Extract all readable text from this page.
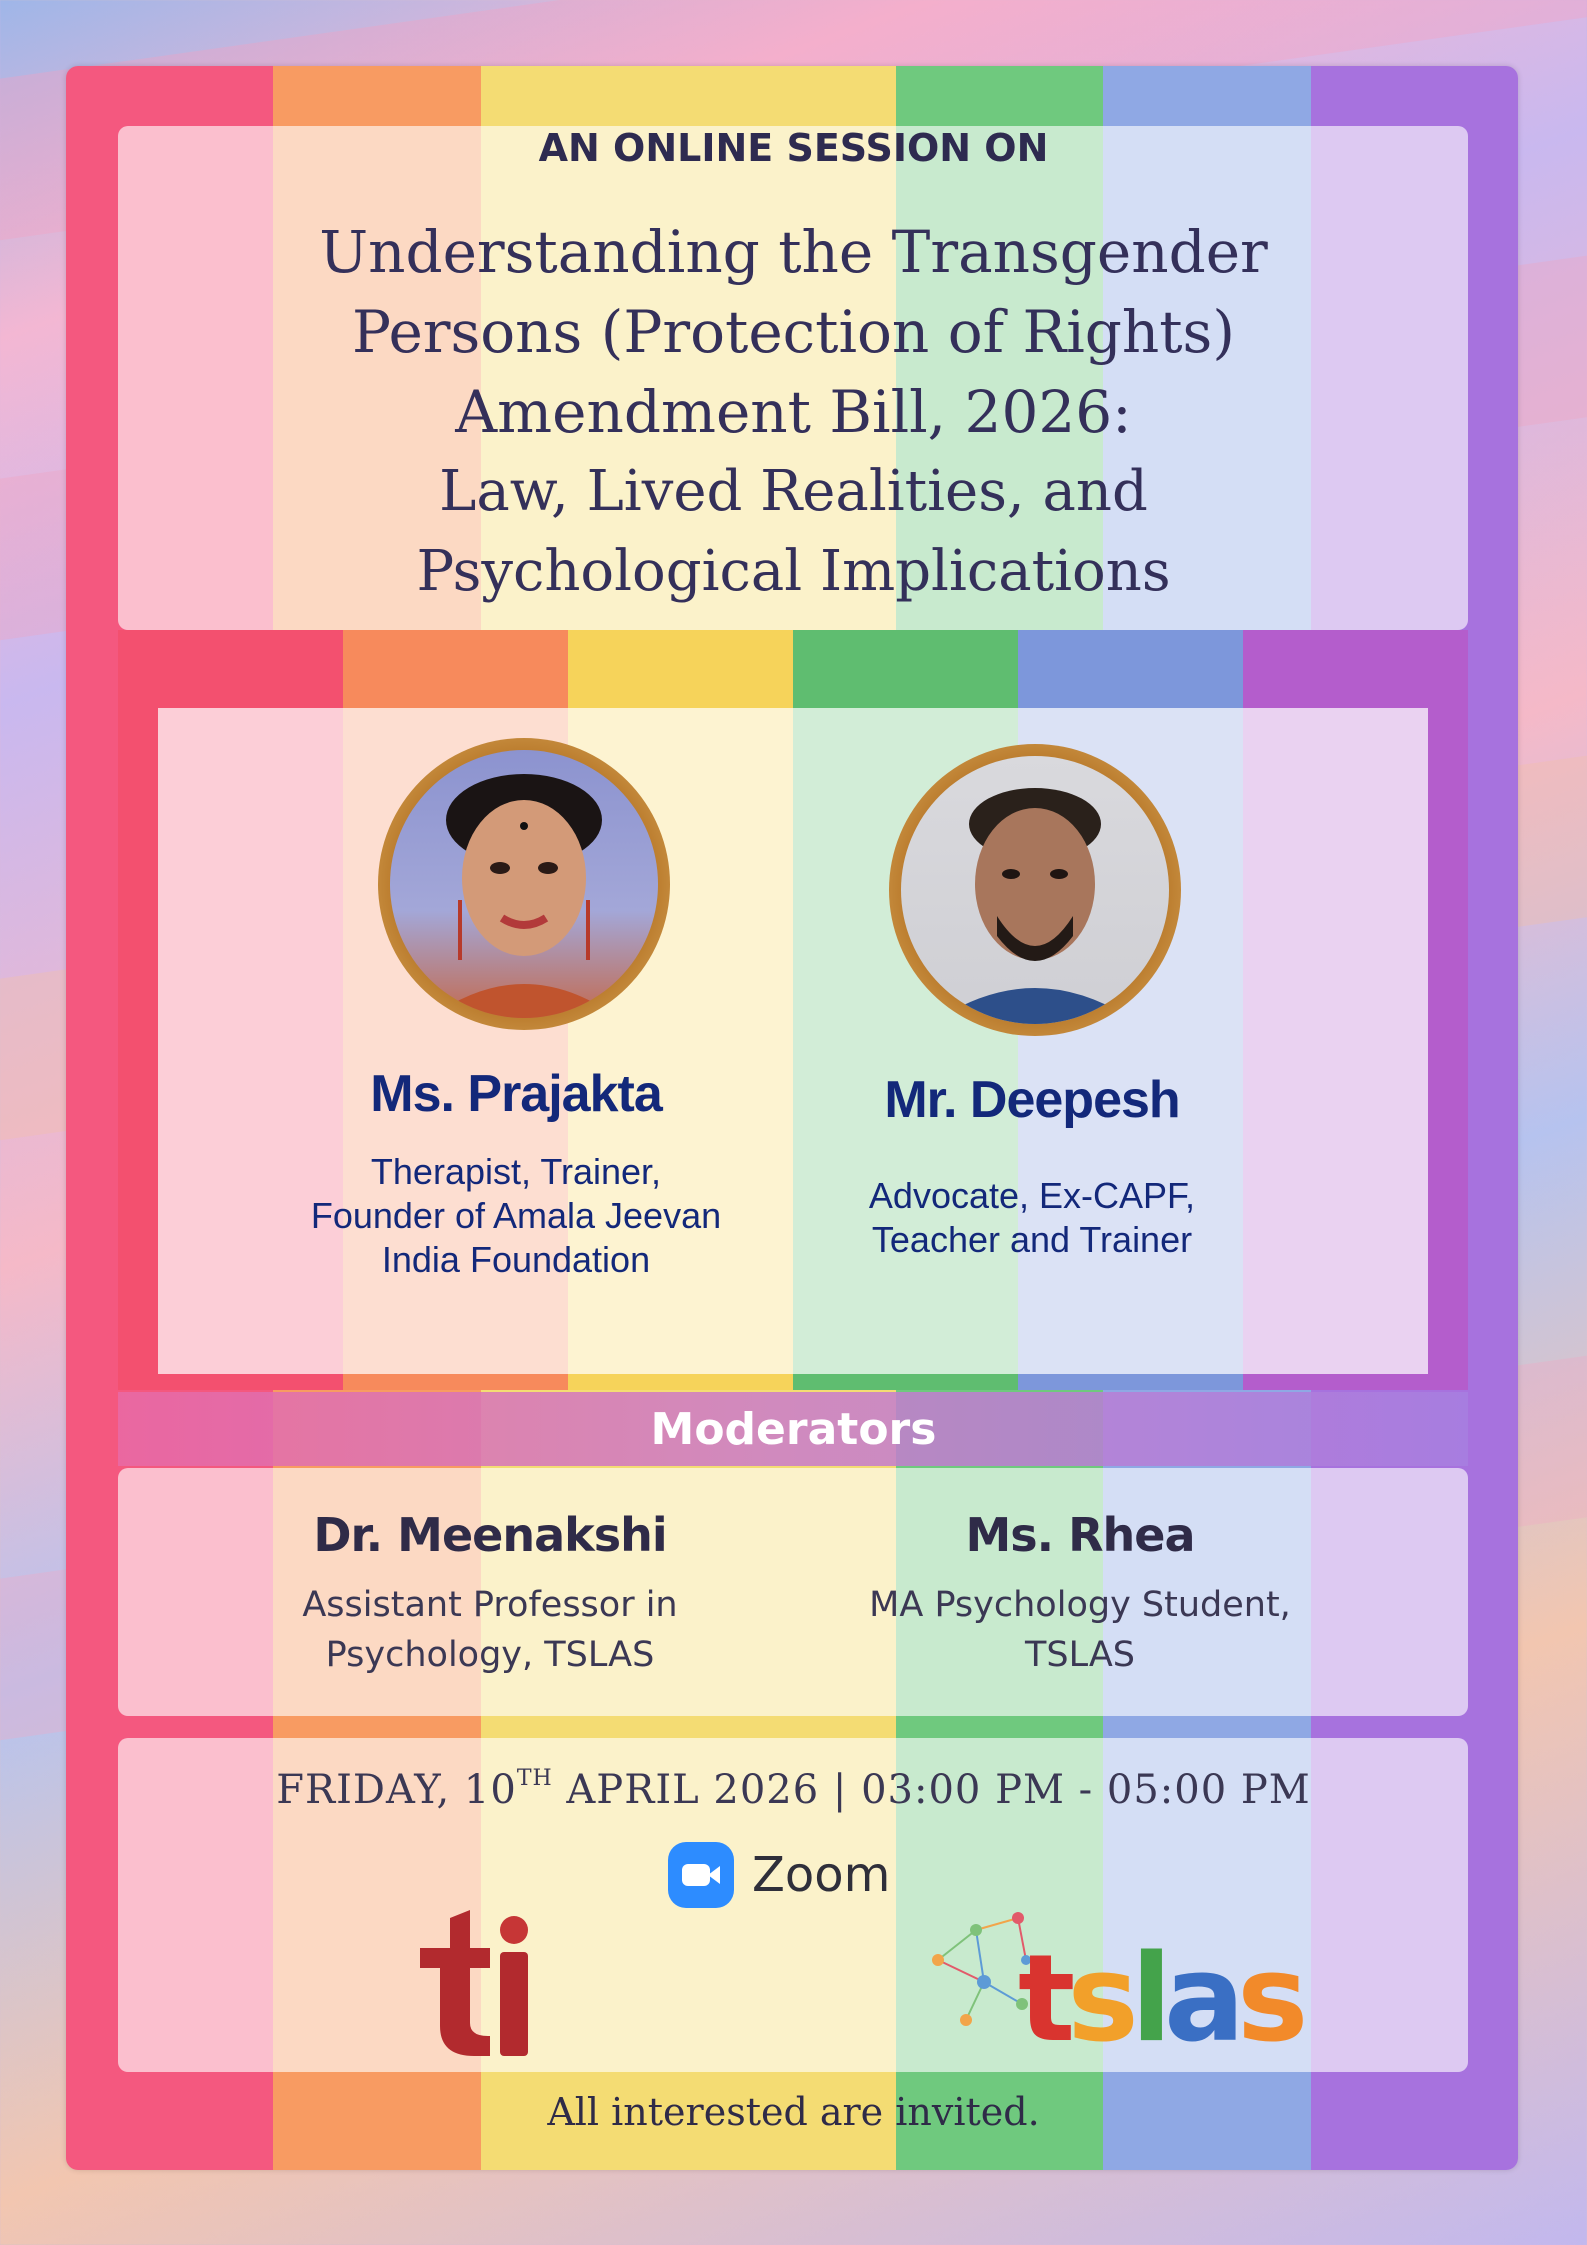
AN ONLINE SESSION ON
Understanding the Transgender
Persons (Protection of Rights)
Amendment Bill, 2026:
Law, Lived Realities, and
Psychological Implications
Ms. Prajakta
Therapist, Trainer,
Founder of Amala Jeevan
India Foundation
Mr. Deepesh
Advocate, Ex-CAPF,
Teacher and Trainer
Moderators
Dr. Meenakshi
Assistant Professor in
Psychology, TSLAS
Ms. Rhea
MA Psychology Student,
TSLAS
FRIDAY, 10TH APRIL 2026 | 03:00 PM - 05:00 PM
Zoom
tslas
All interested are invited.
